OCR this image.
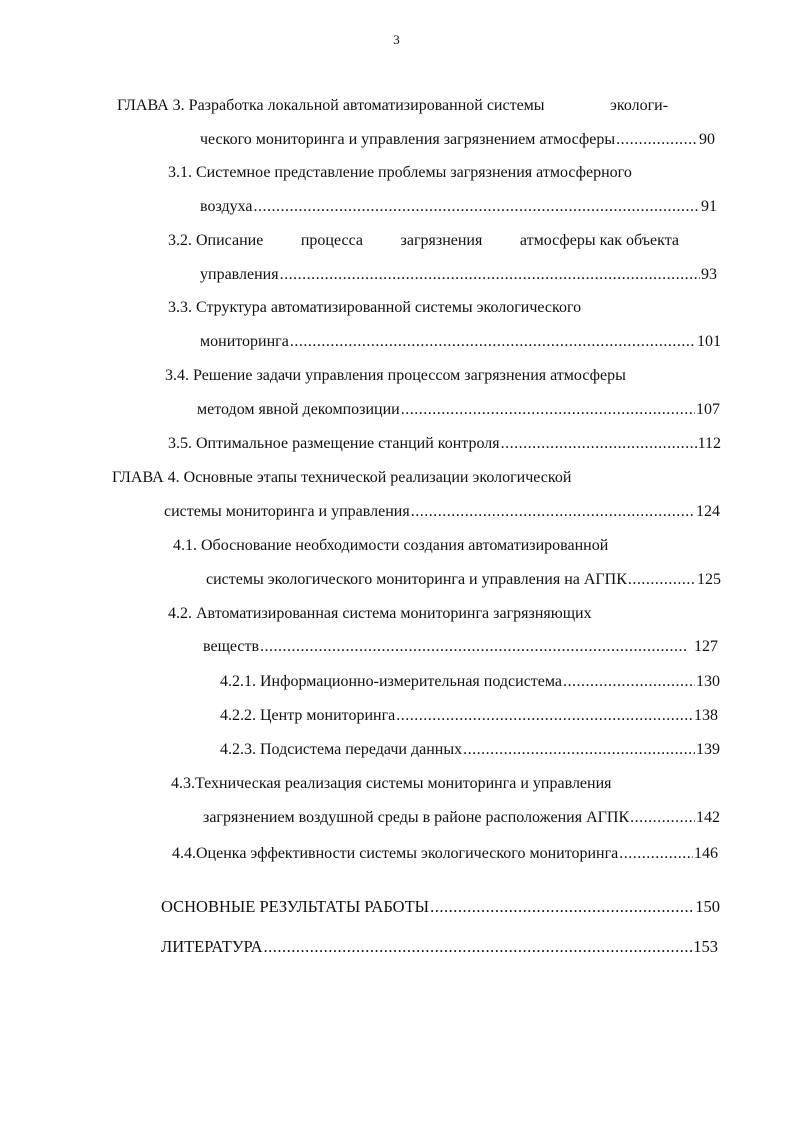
3
ГЛАВА 3. Разработка локальной автоматизированной системы	экологи-
ческого мониторинга и управления загрязнением атмосферы .....	90
3.1. Системное представление проблемы загрязнения атмосферного
воздуха .....	91
3.2. Описание процесса загрязнения атмосферы как объекта
управления .....	93
3.3. Структура автоматизированной системы экологического
мониторинга .....	101
3.4. Решение задачи управления процессом загрязнения атмосферы
методом явной декомпозиции .....	107
3.5. Оптимальное размещение станций контроля .....	112
ГЛАВА 4. Основные этапы технической реализации экологической
системы мониторинга и управления .....	124
4.1. Обоснование необходимости создания автоматизированной
системы экологического мониторинга и управления на АГПК .....	125
4.2. Автоматизированная система мониторинга загрязняющих
веществ .....	127
4.2.1. Информационно-измерительная подсистема .....	130
4.2.2. Центр мониторинга .....	138
4.2.3. Подсистема передачи данных .....	139
4.3.Техническая реализация системы мониторинга и управления
загрязнением воздушной среды в районе расположения АГПК .....	142
4.4.Оценка эффективности системы экологического мониторинга .....	146
ОСНОВНЫЕ РЕЗУЛЬТАТЫ РАБОТЫ .....	150
ЛИТЕРАТУРА .....	153
